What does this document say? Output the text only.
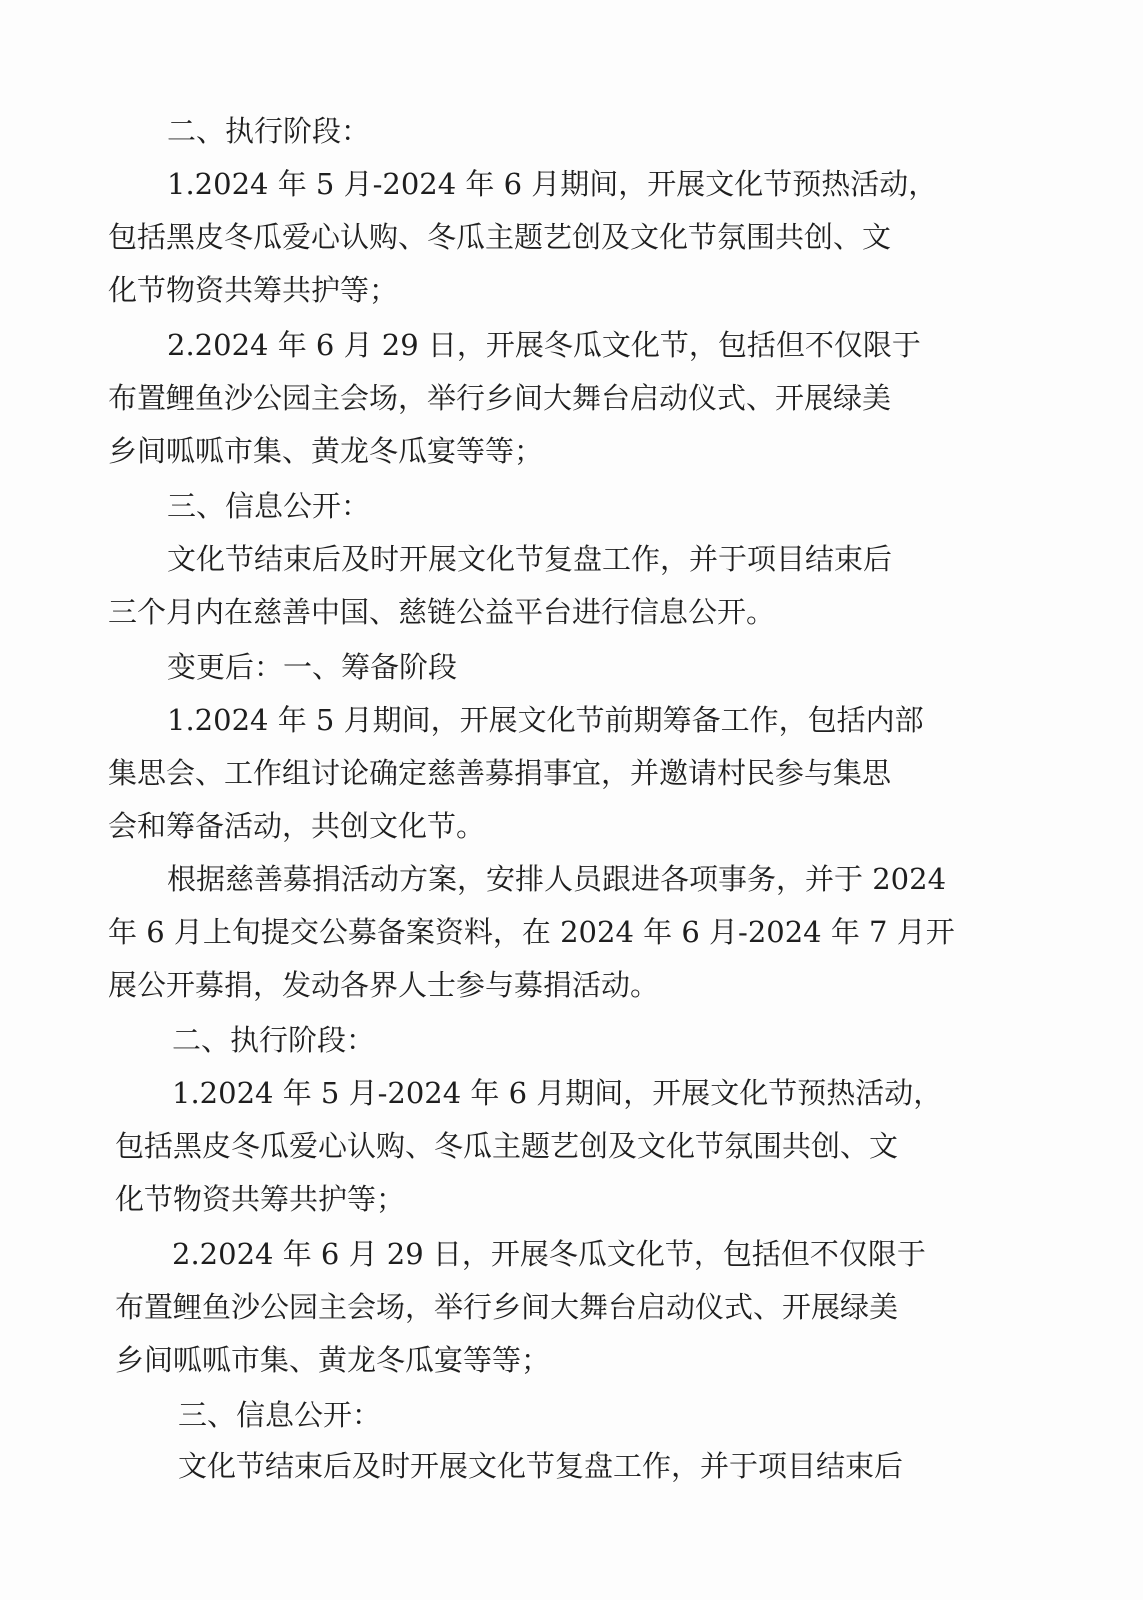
二、执行阶段：
1.2024 年 5 月-2024 年 6 月期间，开展文化节预热活动，
包括黑皮冬瓜爱心认购、冬瓜主题艺创及文化节氛围共创、文
化节物资共筹共护等；
2.2024 年 6 月 29 日，开展冬瓜文化节，包括但不仅限于
布置鲤鱼沙公园主会场，举行乡间大舞台启动仪式、开展绿美
乡间呱呱市集、黄龙冬瓜宴等等；
三、信息公开：
文化节结束后及时开展文化节复盘工作，并于项目结束后
三个月内在慈善中国、慈链公益平台进行信息公开。
变更后：一、筹备阶段
1.2024 年 5 月期间，开展文化节前期筹备工作，包括内部
集思会、工作组讨论确定慈善募捐事宜，并邀请村民参与集思
会和筹备活动，共创文化节。
根据慈善募捐活动方案，安排人员跟进各项事务，并于 2024
年 6 月上旬提交公募备案资料，在 2024 年 6 月-2024 年 7 月开
展公开募捐，发动各界人士参与募捐活动。
二、执行阶段：
1.2024 年 5 月-2024 年 6 月期间，开展文化节预热活动，
包括黑皮冬瓜爱心认购、冬瓜主题艺创及文化节氛围共创、文
化节物资共筹共护等；
2.2024 年 6 月 29 日，开展冬瓜文化节，包括但不仅限于
布置鲤鱼沙公园主会场，举行乡间大舞台启动仪式、开展绿美
乡间呱呱市集、黄龙冬瓜宴等等；
三、信息公开：
文化节结束后及时开展文化节复盘工作，并于项目结束后
